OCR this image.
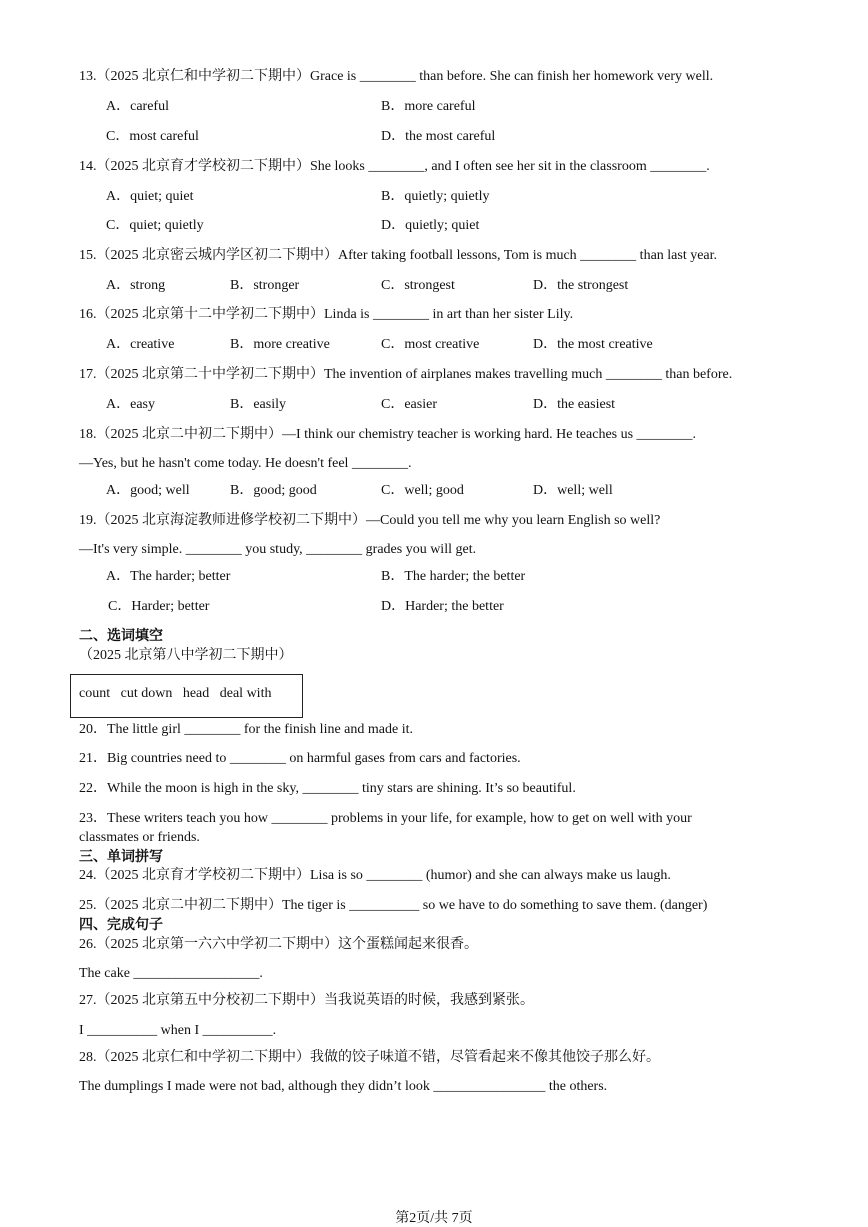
13.（2025 北京仁和中学初二下期中）Grace is ________ than before. She can finish her homework very well.
A．careful	B．more careful
C．most careful	D．the most careful
14.（2025 北京育才学校初二下期中）She looks ________, and I often see her sit in the classroom ________.
A．quiet; quiet	B．quietly; quietly
C．quiet; quietly	D．quietly; quiet
15.（2025 北京密云城内学区初二下期中）After taking football lessons, Tom is much ________ than last year.
A．strong	B．stronger	C．strongest	D．the strongest
16.（2025 北京第十二中学初二下期中）Linda is ________ in art than her sister Lily.
A．creative	B．more creative	C．most creative	D．the most creative
17.（2025 北京第二十中学初二下期中）The invention of airplanes makes travelling much ________ than before.
A．easy	B．easily	C．easier	D．the easiest
18.（2025 北京二中初二下期中）—I think our chemistry teacher is working hard. He teaches us ________.
—Yes, but he hasn't come today. He doesn't feel ________.
A．good; well	B．good; good	C．well; good	D．well; well
19.（2025 北京海淀教师进修学校初二下期中）—Could you tell me why you learn English so well?
—It's very simple. ________ you study, ________ grades you will get.
A．The harder; better	B．The harder; the better
C．Harder; better	D．Harder; the better
二、选词填空
（2025 北京第八中学初二下期中）
count   cut down   head   deal with
20．The little girl ________ for the finish line and made it.
21．Big countries need to ________ on harmful gases from cars and factories.
22．While the moon is high in the sky, ________ tiny stars are shining. It’s so beautiful.
23．These writers teach you how ________ problems in your life, for example, how to get on well with your
classmates or friends.
三、单词拼写
24.（2025 北京育才学校初二下期中）Lisa is so ________ (humor) and she can always make us laugh.
25.（2025 北京二中初二下期中）The tiger is __________ so we have to do something to save them. (danger)
四、完成句子
26.（2025 北京第一六六中学初二下期中）这个蛋糕闻起来很香。
The cake __________________.
27.（2025 北京第五中分校初二下期中）当我说英语的时候，我感到紧张。
I __________ when I __________.
28.（2025 北京仁和中学初二下期中）我做的饺子味道不错，尽管看起来不像其他饺子那么好。
The dumplings I made were not bad, although they didn’t look ________________ the others.
第2页/共 7页
